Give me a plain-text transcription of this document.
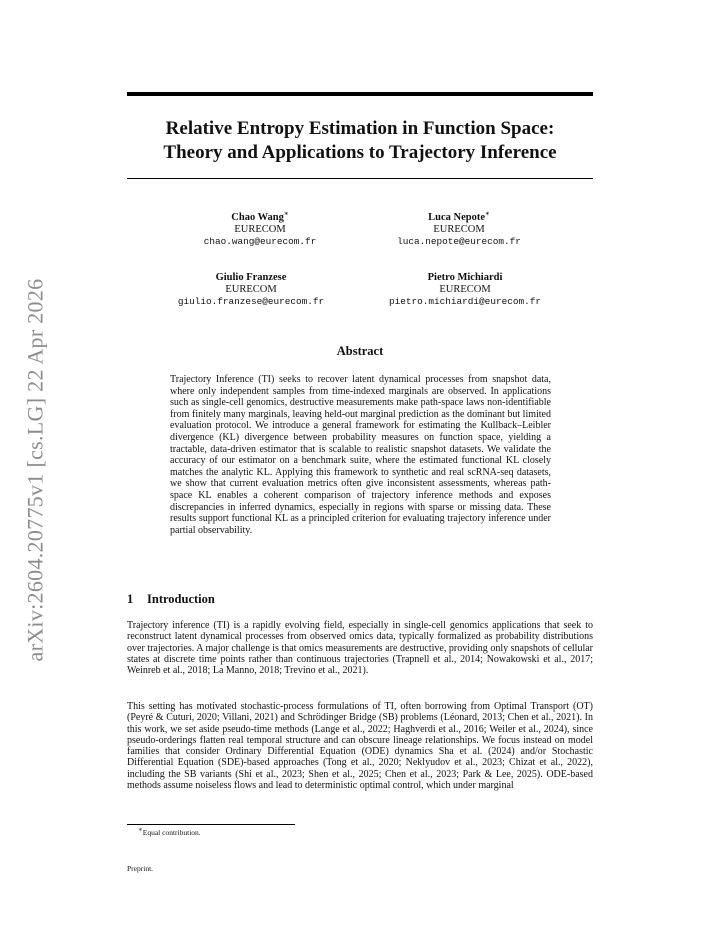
arXiv:2604.20775v1 [cs.LG] 22 Apr 2026
Relative Entropy Estimation in Function Space:
Theory and Applications to Trajectory Inference
Chao Wang∗
EURECOM
chao.wang@eurecom.fr
Luca Nepote∗
EURECOM
luca.nepote@eurecom.fr
Giulio Franzese
EURECOM
giulio.franzese@eurecom.fr
Pietro Michiardi
EURECOM
pietro.michiardi@eurecom.fr
Abstract
Trajectory Inference (TI) seeks to recover latent dynamical processes from snapshot data, where only independent samples from time-indexed marginals are observed. In applications such as single-cell genomics, destructive measurements make path-space laws non-identifiable from finitely many marginals, leaving held-out marginal prediction as the dominant but limited evaluation protocol. We introduce a general framework for estimating the Kullback–Leibler divergence (KL) divergence between probability measures on function space, yielding a tractable, data-driven estimator that is scalable to realistic snapshot datasets. We validate the accuracy of our estimator on a benchmark suite, where the estimated functional KL closely matches the analytic KL. Applying this framework to synthetic and real scRNA-seq datasets, we show that current evaluation metrics often give inconsistent assessments, whereas path-space KL enables a coherent comparison of trajectory inference methods and exposes discrepancies in inferred dynamics, especially in regions with sparse or missing data. These results support functional KL as a principled criterion for evaluating trajectory inference under partial observability.
1 Introduction
Trajectory inference (TI) is a rapidly evolving field, especially in single-cell genomics applications that seek to reconstruct latent dynamical processes from observed omics data, typically formalized as probability distributions over trajectories. A major challenge is that omics measurements are destructive, providing only snapshots of cellular states at discrete time points rather than continuous trajectories (Trapnell et al., 2014; Nowakowski et al., 2017; Weinreb et al., 2018; La Manno, 2018; Trevino et al., 2021).
This setting has motivated stochastic-process formulations of TI, often borrowing from Optimal Transport (OT) (Peyré & Cuturi, 2020; Villani, 2021) and Schrödinger Bridge (SB) problems (Léonard, 2013; Chen et al., 2021). In this work, we set aside pseudo-time methods (Lange et al., 2022; Haghverdi et al., 2016; Weiler et al., 2024), since pseudo-orderings flatten real temporal structure and can obscure lineage relationships. We focus instead on model families that consider Ordinary Differential Equation (ODE) dynamics Sha et al. (2024) and/or Stochastic Differential Equation (SDE)-based approaches (Tong et al., 2020; Neklyudov et al., 2023; Chizat et al., 2022), including the SB variants (Shi et al., 2023; Shen et al., 2025; Chen et al., 2023; Park & Lee, 2025). ODE-based methods assume noiseless flows and lead to deterministic optimal control, which under marginal
∗Equal contribution.
Preprint.
